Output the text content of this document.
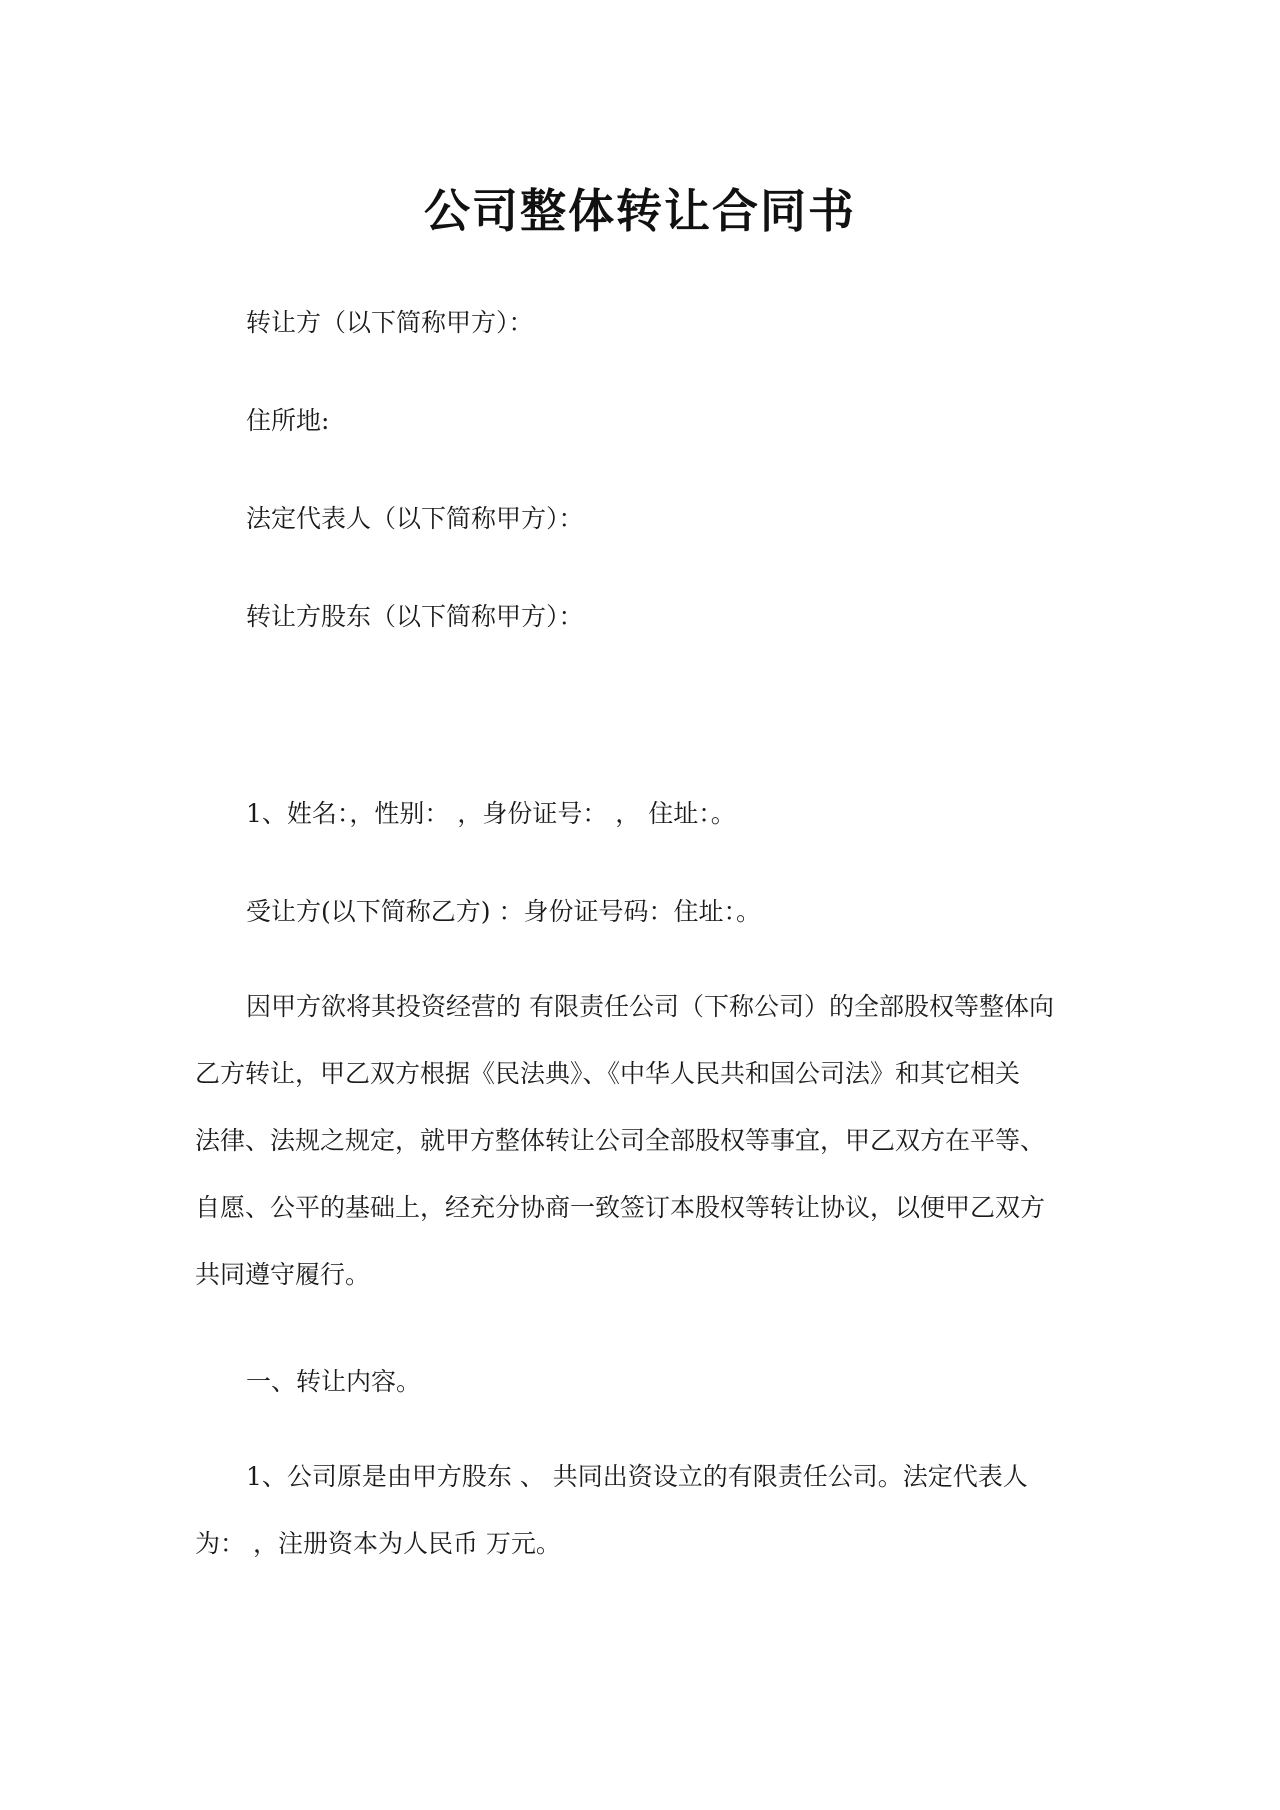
公司整体转让合同书
转让方（以下简称甲方）：
住所地:
法定代表人（以下简称甲方）：
转让方股东（以下简称甲方）：
1、姓名：，性别： ，身份证号： ， 住址：。
受让方(以下简称乙方) ：身份证号码：住址：。
因甲方欲将其投资经营的 有限责任公司（下称公司）的全部股权等整体向
乙方转让，甲乙双方根据《民法典》、《中华人民共和国公司法》和其它相关
法律、法规之规定，就甲方整体转让公司全部股权等事宜，甲乙双方在平等、
自愿、公平的基础上，经充分协商一致签订本股权等转让协议，以便甲乙双方
共同遵守履行。
一、转让内容。
1、公司原是由甲方股东 、 共同出资设立的有限责任公司。法定代表人
为： ，注册资本为人民币 万元。
